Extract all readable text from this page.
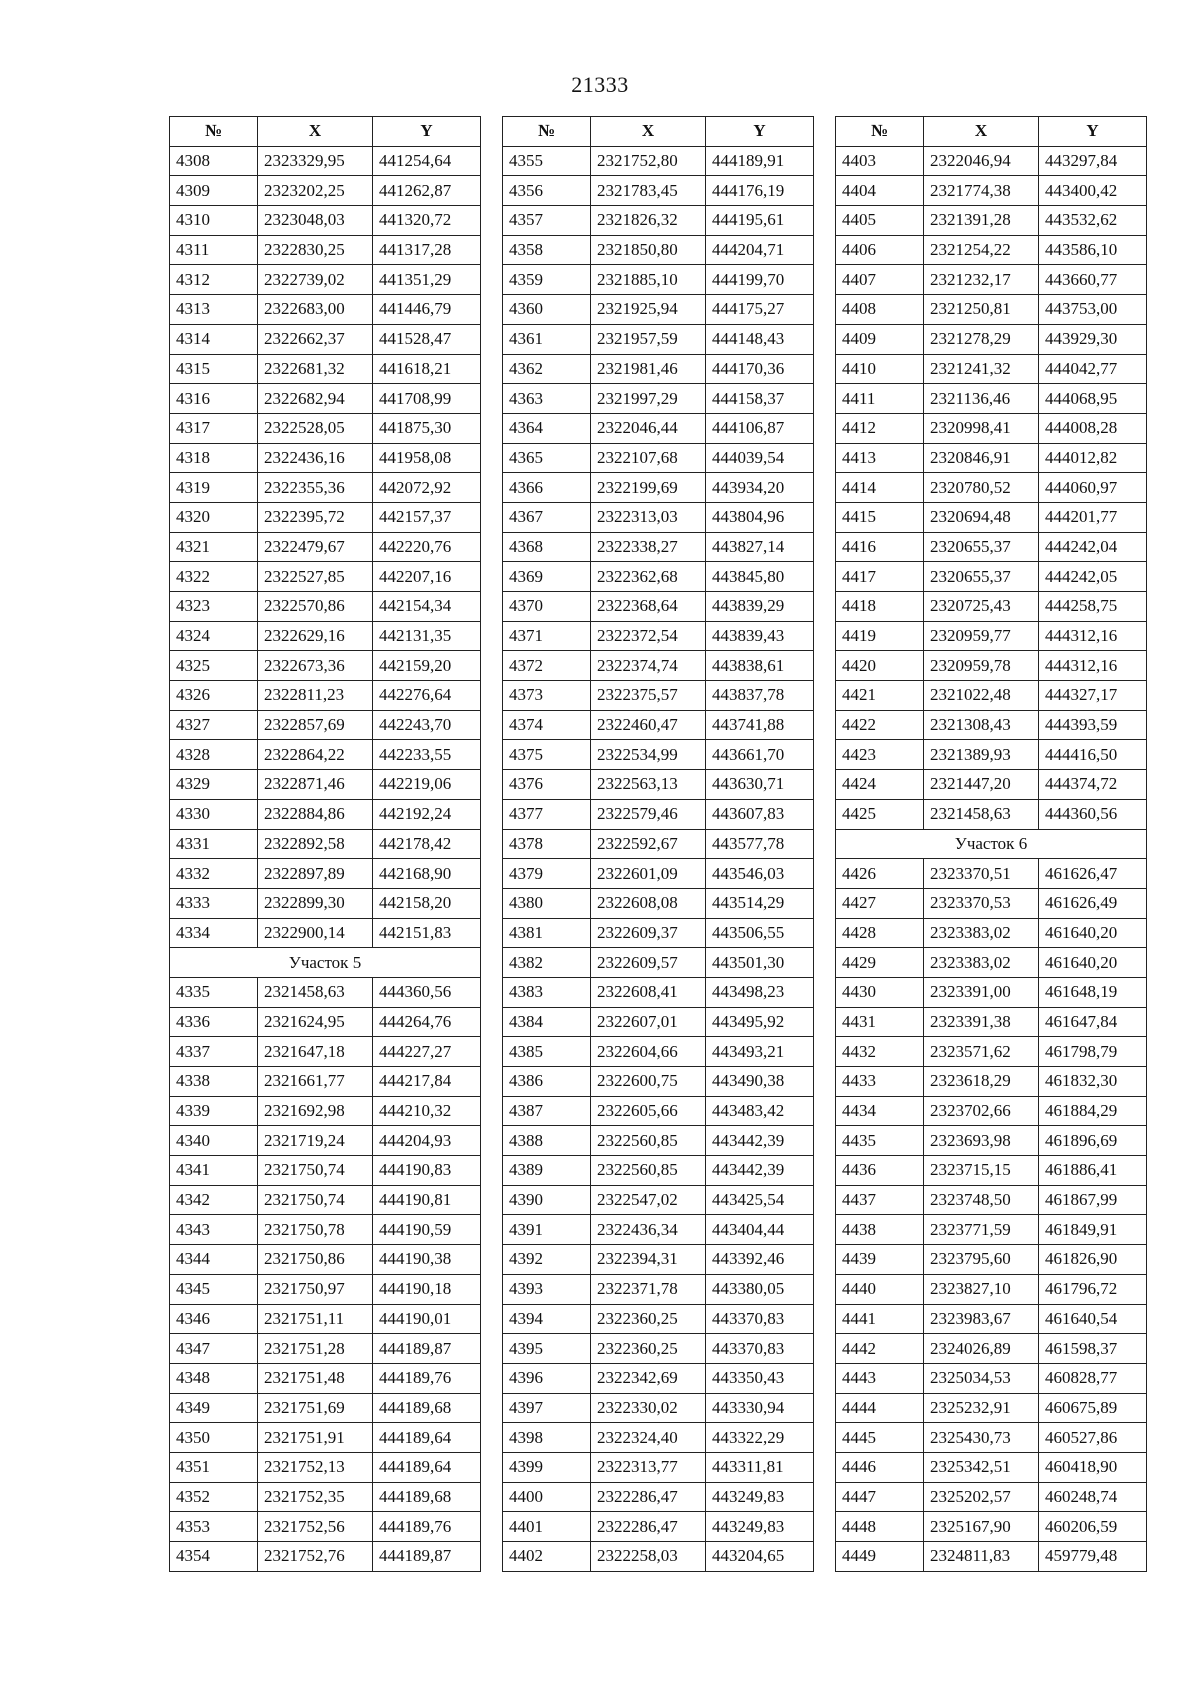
21333
№	X	Y
4308	2323329,95	441254,64
4309	2323202,25	441262,87
4310	2323048,03	441320,72
4311	2322830,25	441317,28
4312	2322739,02	441351,29
4313	2322683,00	441446,79
4314	2322662,37	441528,47
4315	2322681,32	441618,21
4316	2322682,94	441708,99
4317	2322528,05	441875,30
4318	2322436,16	441958,08
4319	2322355,36	442072,92
4320	2322395,72	442157,37
4321	2322479,67	442220,76
4322	2322527,85	442207,16
4323	2322570,86	442154,34
4324	2322629,16	442131,35
4325	2322673,36	442159,20
4326	2322811,23	442276,64
4327	2322857,69	442243,70
4328	2322864,22	442233,55
4329	2322871,46	442219,06
4330	2322884,86	442192,24
4331	2322892,58	442178,42
4332	2322897,89	442168,90
4333	2322899,30	442158,20
4334	2322900,14	442151,83
Участок 5		
4335	2321458,63	444360,56
4336	2321624,95	444264,76
4337	2321647,18	444227,27
4338	2321661,77	444217,84
4339	2321692,98	444210,32
4340	2321719,24	444204,93
4341	2321750,74	444190,83
4342	2321750,74	444190,81
4343	2321750,78	444190,59
4344	2321750,86	444190,38
4345	2321750,97	444190,18
4346	2321751,11	444190,01
4347	2321751,28	444189,87
4348	2321751,48	444189,76
4349	2321751,69	444189,68
4350	2321751,91	444189,64
4351	2321752,13	444189,64
4352	2321752,35	444189,68
4353	2321752,56	444189,76
4354	2321752,76	444189,87
№	X	Y
4355	2321752,80	444189,91
4356	2321783,45	444176,19
4357	2321826,32	444195,61
4358	2321850,80	444204,71
4359	2321885,10	444199,70
4360	2321925,94	444175,27
4361	2321957,59	444148,43
4362	2321981,46	444170,36
4363	2321997,29	444158,37
4364	2322046,44	444106,87
4365	2322107,68	444039,54
4366	2322199,69	443934,20
4367	2322313,03	443804,96
4368	2322338,27	443827,14
4369	2322362,68	443845,80
4370	2322368,64	443839,29
4371	2322372,54	443839,43
4372	2322374,74	443838,61
4373	2322375,57	443837,78
4374	2322460,47	443741,88
4375	2322534,99	443661,70
4376	2322563,13	443630,71
4377	2322579,46	443607,83
4378	2322592,67	443577,78
4379	2322601,09	443546,03
4380	2322608,08	443514,29
4381	2322609,37	443506,55
4382	2322609,57	443501,30
4383	2322608,41	443498,23
4384	2322607,01	443495,92
4385	2322604,66	443493,21
4386	2322600,75	443490,38
4387	2322605,66	443483,42
4388	2322560,85	443442,39
4389	2322560,85	443442,39
4390	2322547,02	443425,54
4391	2322436,34	443404,44
4392	2322394,31	443392,46
4393	2322371,78	443380,05
4394	2322360,25	443370,83
4395	2322360,25	443370,83
4396	2322342,69	443350,43
4397	2322330,02	443330,94
4398	2322324,40	443322,29
4399	2322313,77	443311,81
4400	2322286,47	443249,83
4401	2322286,47	443249,83
4402	2322258,03	443204,65
№	X	Y
4403	2322046,94	443297,84
4404	2321774,38	443400,42
4405	2321391,28	443532,62
4406	2321254,22	443586,10
4407	2321232,17	443660,77
4408	2321250,81	443753,00
4409	2321278,29	443929,30
4410	2321241,32	444042,77
4411	2321136,46	444068,95
4412	2320998,41	444008,28
4413	2320846,91	444012,82
4414	2320780,52	444060,97
4415	2320694,48	444201,77
4416	2320655,37	444242,04
4417	2320655,37	444242,05
4418	2320725,43	444258,75
4419	2320959,77	444312,16
4420	2320959,78	444312,16
4421	2321022,48	444327,17
4422	2321308,43	444393,59
4423	2321389,93	444416,50
4424	2321447,20	444374,72
4425	2321458,63	444360,56
Участок 6		
4426	2323370,51	461626,47
4427	2323370,53	461626,49
4428	2323383,02	461640,20
4429	2323383,02	461640,20
4430	2323391,00	461648,19
4431	2323391,38	461647,84
4432	2323571,62	461798,79
4433	2323618,29	461832,30
4434	2323702,66	461884,29
4435	2323693,98	461896,69
4436	2323715,15	461886,41
4437	2323748,50	461867,99
4438	2323771,59	461849,91
4439	2323795,60	461826,90
4440	2323827,10	461796,72
4441	2323983,67	461640,54
4442	2324026,89	461598,37
4443	2325034,53	460828,77
4444	2325232,91	460675,89
4445	2325430,73	460527,86
4446	2325342,51	460418,90
4447	2325202,57	460248,74
4448	2325167,90	460206,59
4449	2324811,83	459779,48
